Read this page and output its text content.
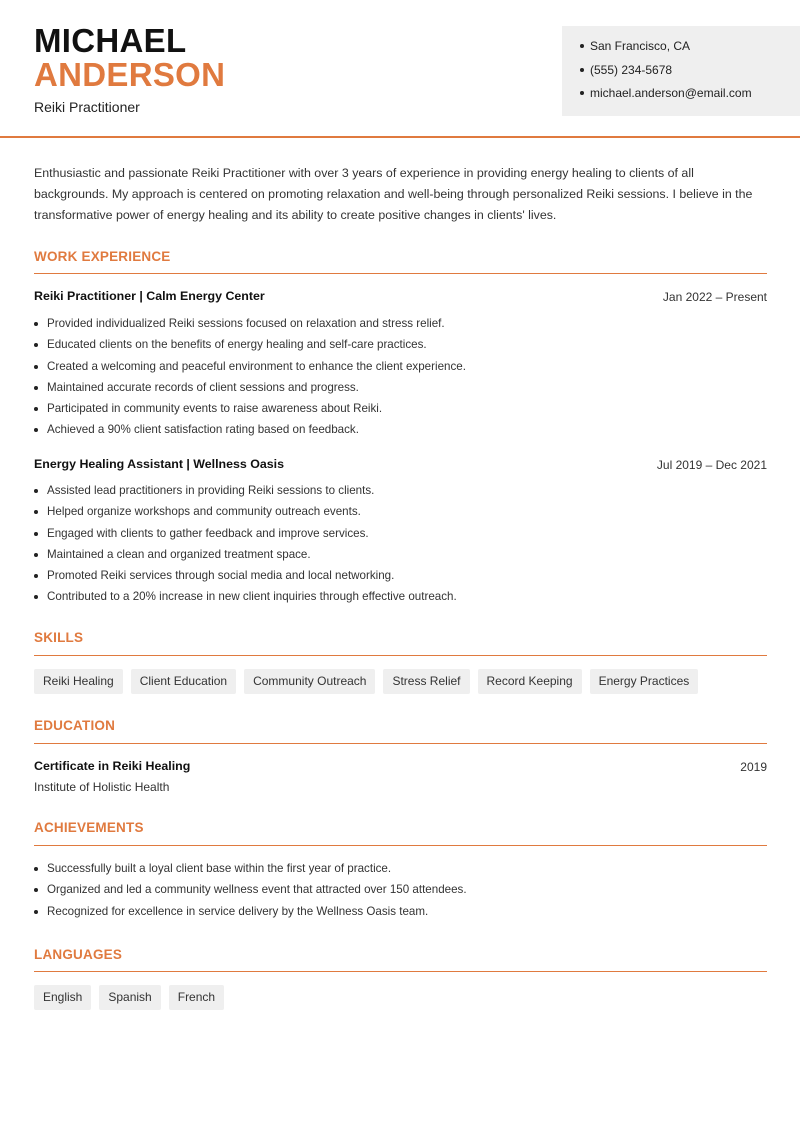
MICHAEL
ANDERSON
Reiki Practitioner
San Francisco, CA
(555) 234-5678
michael.anderson@email.com
Enthusiastic and passionate Reiki Practitioner with over 3 years of experience in providing energy healing to clients of all backgrounds. My approach is centered on promoting relaxation and well-being through personalized Reiki sessions. I believe in the transformative power of energy healing and its ability to create positive changes in clients' lives.
WORK EXPERIENCE
Reiki Practitioner | Calm Energy Center	Jan 2022 – Present
Provided individualized Reiki sessions focused on relaxation and stress relief.
Educated clients on the benefits of energy healing and self-care practices.
Created a welcoming and peaceful environment to enhance the client experience.
Maintained accurate records of client sessions and progress.
Participated in community events to raise awareness about Reiki.
Achieved a 90% client satisfaction rating based on feedback.
Energy Healing Assistant | Wellness Oasis	Jul 2019 – Dec 2021
Assisted lead practitioners in providing Reiki sessions to clients.
Helped organize workshops and community outreach events.
Engaged with clients to gather feedback and improve services.
Maintained a clean and organized treatment space.
Promoted Reiki services through social media and local networking.
Contributed to a 20% increase in new client inquiries through effective outreach.
SKILLS
Reiki Healing	Client Education	Community Outreach	Stress Relief	Record Keeping	Energy Practices
EDUCATION
Certificate in Reiki Healing	2019
Institute of Holistic Health
ACHIEVEMENTS
Successfully built a loyal client base within the first year of practice.
Organized and led a community wellness event that attracted over 150 attendees.
Recognized for excellence in service delivery by the Wellness Oasis team.
LANGUAGES
English	Spanish	French
